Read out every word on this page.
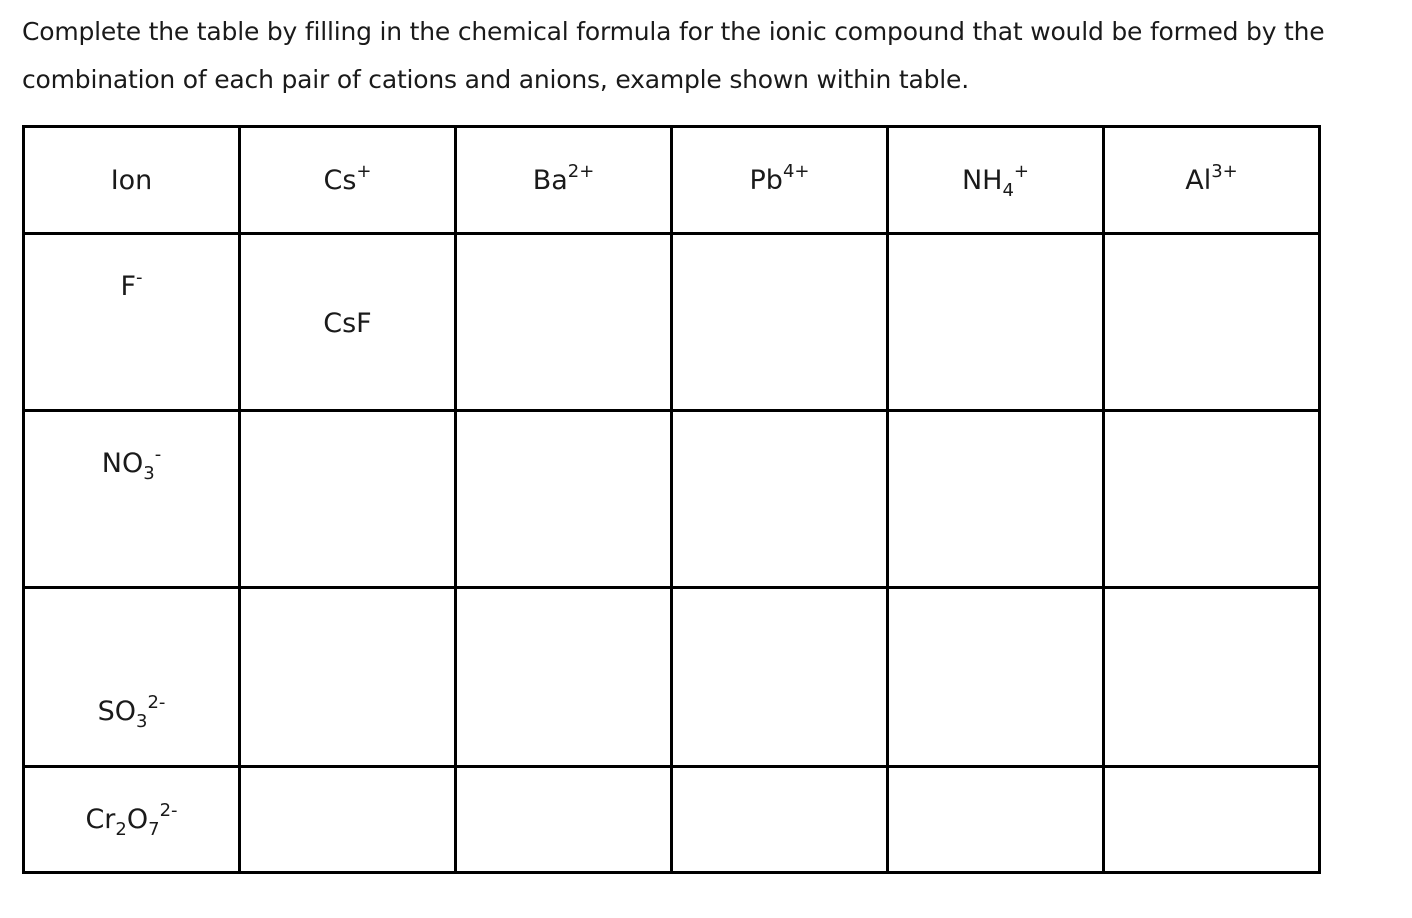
Complete the table by filling in the chemical formula for the ionic compound that would be formed by the combination of each pair of cations and anions, example shown within table.

Ion	Cs+	$Ba^{2+}$	$Pb^{4+}$	$NH_4^+$	$Al^{3+}$

F-	CsF				

$NO_3^-$

$SO_3^{2-}$

$Cr_2O_7^{2-}$
